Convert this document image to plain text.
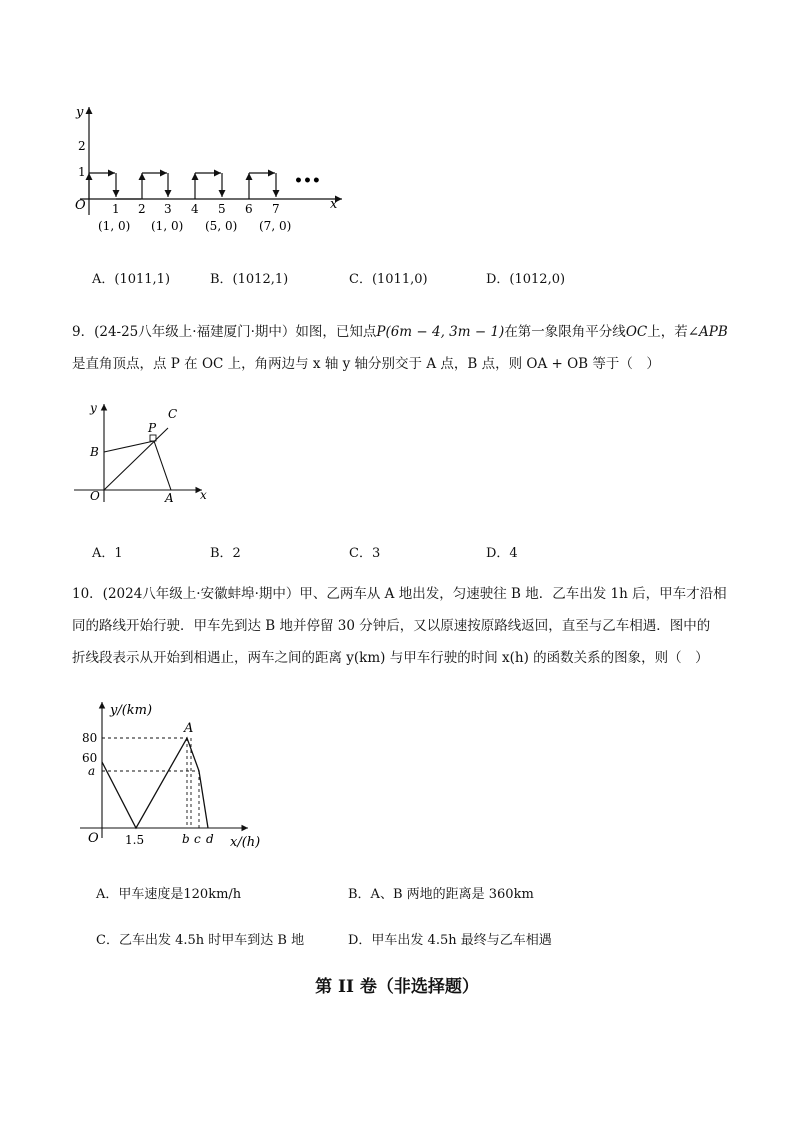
y
x
O
1
2
•••
1 2 3 4 5 6 7
(1, 0) (1, 0) (5, 0) (7, 0)
A．(1011,1)	B．(1012,1)	C．(1011,0)	D．(1012,0)
9．(24-25八年级上·福建厦门·期中）如图，已知点P(6m − 4, 3m − 1)在第一象限角平分线OC上，若∠APB
是直角顶点，点 P 在 OC 上，角两边与 x 轴 y 轴分别交于 A 点，B 点，则 OA + OB 等于（　）
y
x
O	A
B
P
C
A．1	B．2	C．3	D．4
10．(2024八年级上·安徽蚌埠·期中）甲、乙两车从 A 地出发，匀速驶往 B 地．乙车出发 1h 后，甲车才沿相
同的路线开始行驶．甲车先到达 B 地并停留 30 分钟后，又以原速按原路线返回，直至与乙车相遇．图中的
折线段表示从开始到相遇止，两车之间的距离 y(km) 与甲车行驶的时间 x(h) 的函数关系的图象，则（　）
y/(km)
x/(h)
O
80
60
a
1.5	b c d
A
A．甲车速度是120km/h	B．A、B 两地的距离是 360km
C．乙车出发 4.5h 时甲车到达 B 地	D．甲车出发 4.5h 最终与乙车相遇
第 II 卷（非选择题）
